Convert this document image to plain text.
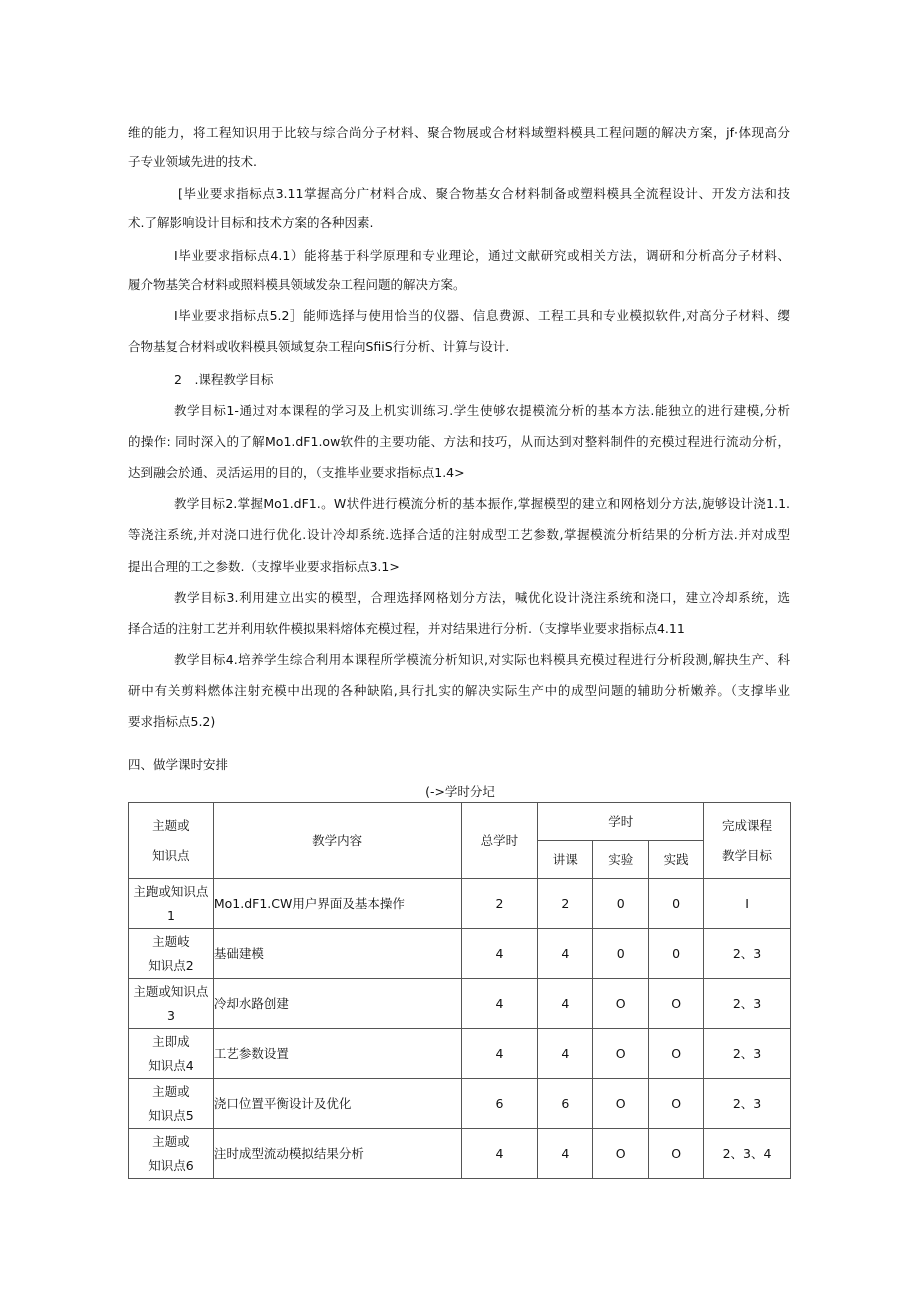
维的能力，将工程知识用于比较与综合尚分子材料、聚合物展或合材料域塑料模具工程问题的解决方案，jf·体现高分
子专业领域先进的技术.
[毕业要求指标点3.11掌握高分广材料合成、聚合物基女合材料制备或塑料模具全流程设计、开发方法和技
术.了解影响设计目标和技术方案的各种因素.
I毕业要求指标点4.1）能将基于科学原理和专业理论，通过文献研究或相关方法，调研和分析高分子材料、
履介物基笑合材料或照料模具领域发杂工程问题的解决方案。
I毕业要求指标点5.2］能师选择与使用恰当的仪器、信息费源、工程工具和专业模拟软件,对高分子材料、缨
合物基复合材料或收料模具领域复杂工程向SfiiS行分析、计算与设计.
2　.课程教学目标
教学目标1-通过对本课程的学习及上机实训练习.学生使够农提模流分析的基本方法.能独立的进行建模,分析
的操作: 同时深入的了解Mo1.dF1.ow软件的主要功能、方法和技巧，从而达到对整料制件的充模过程进行流动分析，
达到融会於通、灵活运用的目的，（支推毕业要求指标点1.4>
教学目标2.掌握Mo1.dF1.。W状件进行模流分析的基本振作,掌握模型的建立和网格划分方法,旎够设计浇1.1.
等浇注系统,并对浇口进行优化.设计冷却系统.选择合适的注射成型工艺参数,掌握模流分析结果的分析方法.并对成型
提出合理的工之参数.（支撑毕业要求指标点3.1>
教学目标3.利用建立出实的模型，合理选择网格划分方法，喊优化设计浇注系统和浇口，建立冷却系统，选
择合适的注射工艺并利用软件模拟果料熔体充模过程，并对结果进行分析.（支撑毕业要求指标点4.11
教学目标4.培养学生综合利用本课程所学模流分析知识,对实际也料模具充模过程进行分析段测,解抉生产、科
研中有关剪料燃体注射充模中出现的各种缺陷,具行扎实的解决实际生产中的成型问题的辅助分析嫩养。（支撑毕业
要求指标点5.2)
四、做学课时安排
(->学时分圮
主题或
知识点	教学内容	总学时	学时			完成课程
教学目标
			讲课	实验	实践	
主跑或知识点
1	Mo1.dF1.CW用户界面及基本操作	2	2	0	0	I
主题岐
知识点2	基础建模	4	4	0	0	2、3
主题或知识点
3	冷却水路创建	4	4	O	O	2、3
主即成
知识点4	工艺参数设置	4	4	O	O	2、3
主题或
知识点5	浇口位置平衡设计及优化	6	6	O	O	2、3
主题或
知识点6	注时成型流动模拟结果分析	4	4	O	O	2、3、4
